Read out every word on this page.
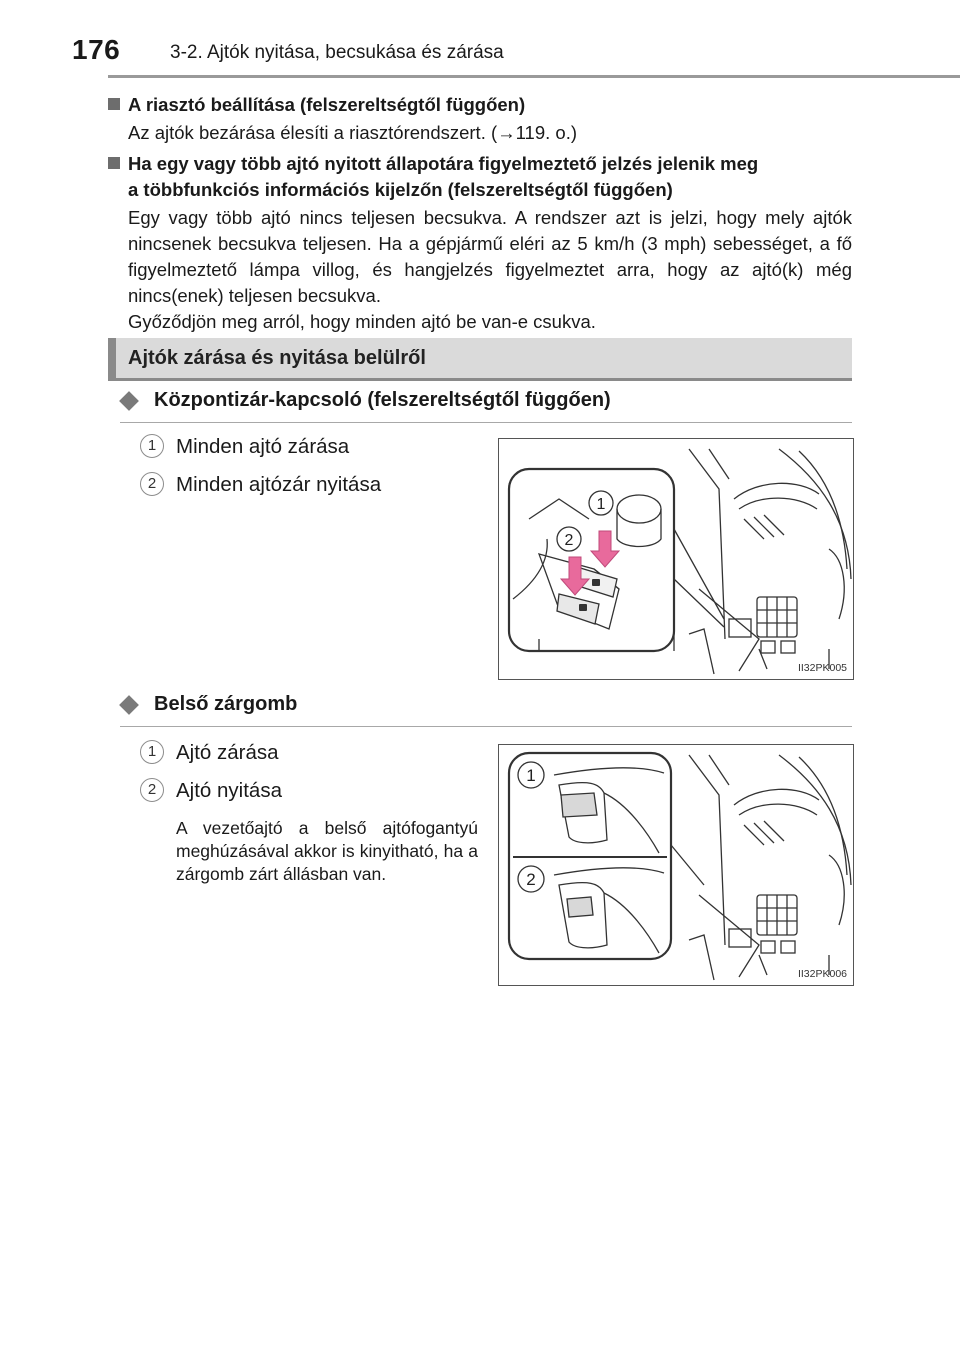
176	3-2. Ajtók nyitása, becsukása és zárása
A riasztó beállítása (felszereltségtől függően)
Az ajtók bezárása élesíti a riasztórendszert. (→119. o.)
Ha egy vagy több ajtó nyitott állapotára figyelmeztető jelzés jelenik meg
a többfunkciós információs kijelzőn (felszereltségtől függően)
Egy vagy több ajtó nincs teljesen becsukva. A rendszer azt is jelzi, hogy mely ajtók nincsenek becsukva teljesen. Ha a gépjármű eléri az 5 km/h (3 mph) sebességet, a fő figyelmeztető lámpa villog, és hangjelzés figyelmeztet arra, hogy az ajtó(k) még nincs(enek) teljesen becsukva.
Győződjön meg arról, hogy minden ajtó be van-e csukva.
Ajtók zárása és nyitása belülről
Központizár-kapcsoló (felszereltségtől függően)
1 Minden ajtó zárása
2 Minden ajtózár nyitása
1
2
II32PK005
Belső zárgomb
1 Ajtó zárása
2 Ajtó nyitása
A vezetőajtó a belső ajtófogantyú meghúzásával akkor is kinyitható, ha a zárgomb zárt állásban van.
1
2
II32PK006
